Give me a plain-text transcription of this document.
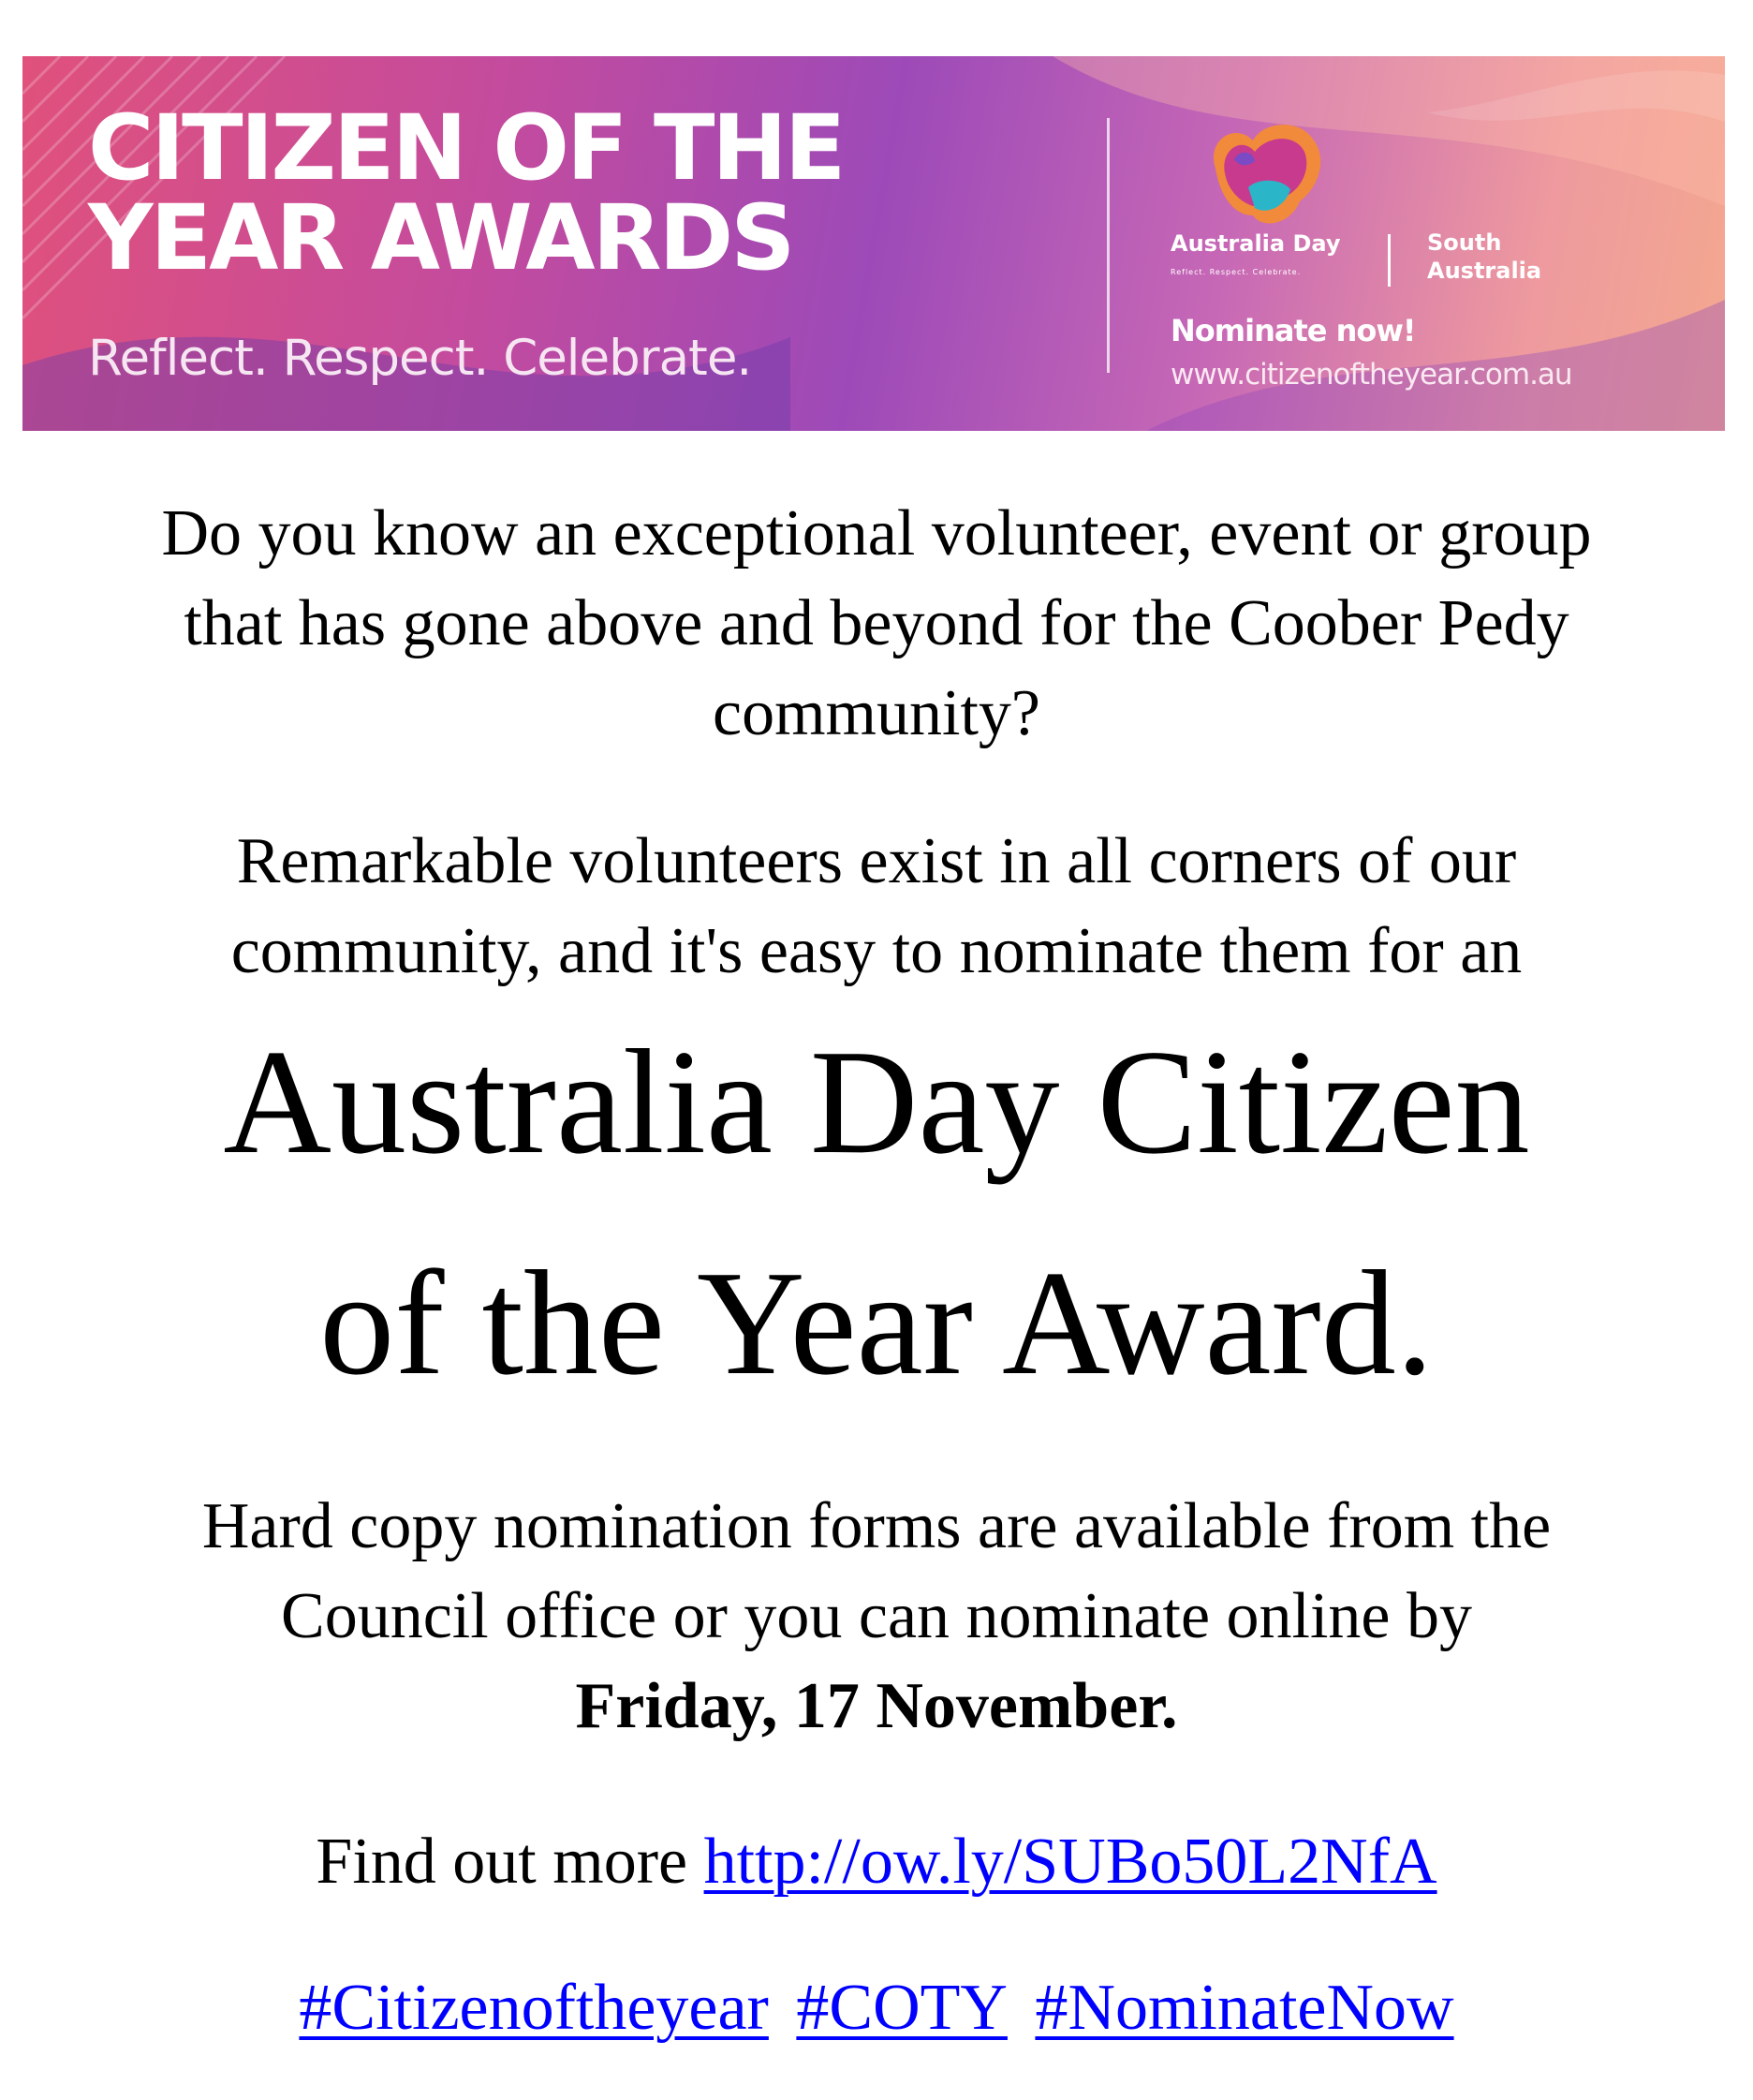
CITIZEN OF THE
YEAR AWARDS
Reflect. Respect. Celebrate.
Australia Day
Reflect. Respect. Celebrate.
South
Australia
Nominate now!
www.citizenoftheyear.com.au
Do you know an exceptional volunteer, event or group
that has gone above and beyond for the Coober Pedy
community?
Remarkable volunteers exist in all corners of our
community, and it's easy to nominate them for an
Australia Day Citizen
of the Year Award.
Hard copy nomination forms are available from the
Council office or you can nominate online by
Friday, 17 November.
Find out more http://ow.ly/SUBo50L2NfA
#Citizenoftheyear #COTY #NominateNow
